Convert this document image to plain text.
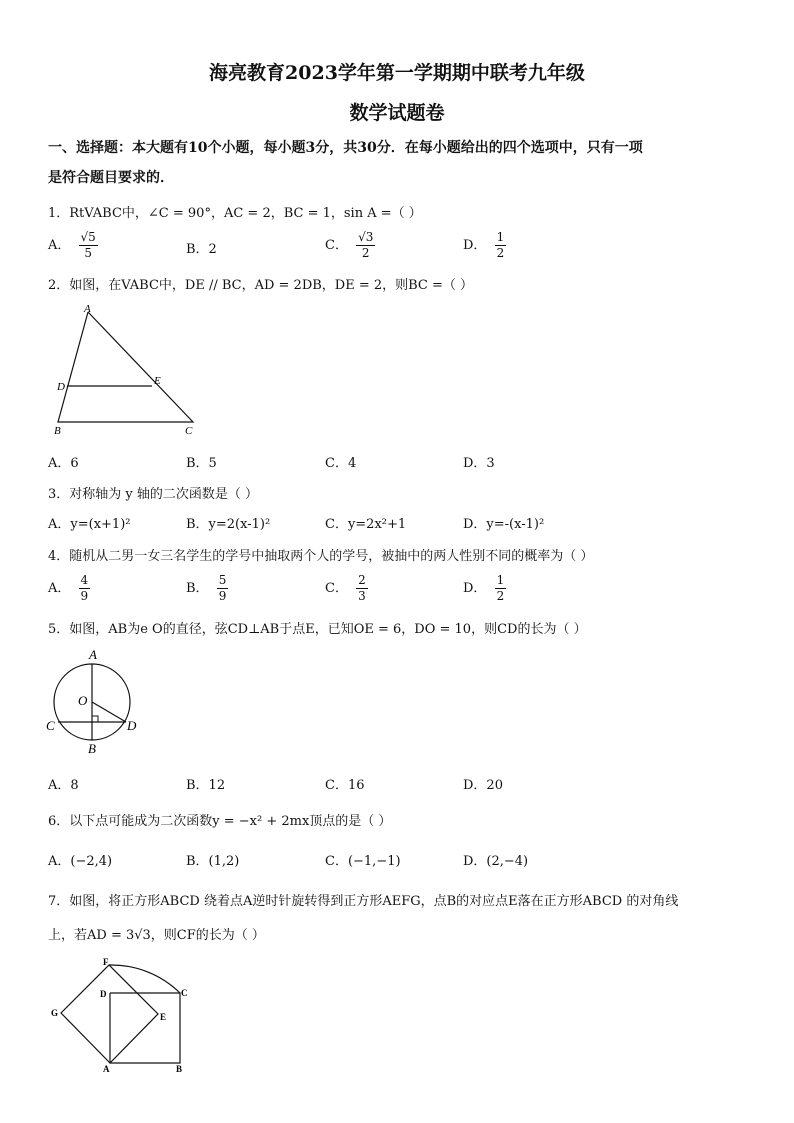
海亮教育2023学年第一学期期中联考九年级
数学试题卷
一、选择题：本大题有10个小题，每小题3分，共30分．在每小题给出的四个选项中，只有一项
是符合题目要求的．
1．RtVABC中，∠C = 90°，AC = 2，BC = 1，sin A =（ ）
A． $\frac{√5}{5}$	B．2	C． $\frac{√3}{2}$	D． $\frac{1}{2}$
2．如图，在VABC中，DE // BC，AD = 2DB，DE = 2，则BC =（ ）
A
D	E
B	C
A．6	B．5	C．4	D．3
3．对称轴为 y 轴的二次函数是（ ）
A．y=(x+1)²	B．y=2(x-1)²	C．y=2x²+1	D．y=-(x-1)²
4．随机从二男一女三名学生的学号中抽取两个人的学号，被抽中的两人性别不同的概率为（ ）
A． $\frac{4}{9}$	B． $\frac{5}{9}$	C． $\frac{2}{3}$	D． $\frac{1}{2}$
5．如图，AB为e O的直径，弦CD⊥AB于点E，已知OE = 6，DO = 10，则CD的长为（ ）
A
O
C	D
B
A．8	B．12	C．16	D．20
6．以下点可能成为二次函数y = −x² + 2mx顶点的是（ ）
A．(−2,4)	B．(1,2)	C．(−1,−1)	D．(2,−4)
7．如图，将正方形ABCD 绕着点A逆时针旋转得到正方形AEFG，点B的对应点E落在正方形ABCD 的对角线
上，若AD = 3√3，则CF的长为（ ）
F
D	C
G	E
A	B
